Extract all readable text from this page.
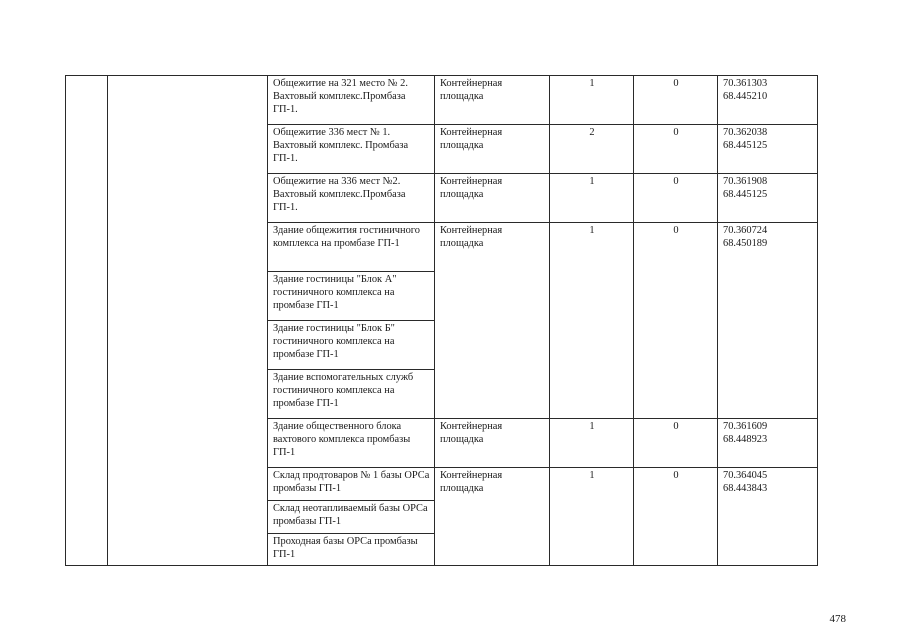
		Общежитие на 321 место № 2. Вахтовый комплекс.Промбаза ГП-1.	Контейнерная площадка	1	0	70.361303
68.445210

		Общежитие 336 мест № 1. Вахтовый комплекс. Промбаза ГП-1.	Контейнерная площадка	2	0	70.362038
68.445125

		Общежитие на 336 мест №2. Вахтовый комплекс.Промбаза ГП-1.	Контейнерная площадка	1	0	70.361908
68.445125

		Здание общежития гостиничного комплекса на промбазе ГП-1	Контейнерная площадка	1	0	70.360724
68.450189

		Здание гостиницы "Блок А" гостиничного комплекса на промбазе ГП-1				
		Здание гостиницы "Блок Б" гостиничного комплекса на промбазе ГП-1				
		Здание вспомогательных служб гостиничного комплекса на промбазе ГП-1				
		Здание общественного блока вахтового комплекса промбазы ГП-1	Контейнерная площадка	1	0	70.361609
68.448923

		Склад продтоваров № 1 базы ОРСа промбазы ГП-1	Контейнерная площадка	1	0	70.364045
68.443843

		Склад неотапливаемый базы ОРСа промбазы ГП-1				
		Проходная базы ОРСа промбазы ГП-1				
478
